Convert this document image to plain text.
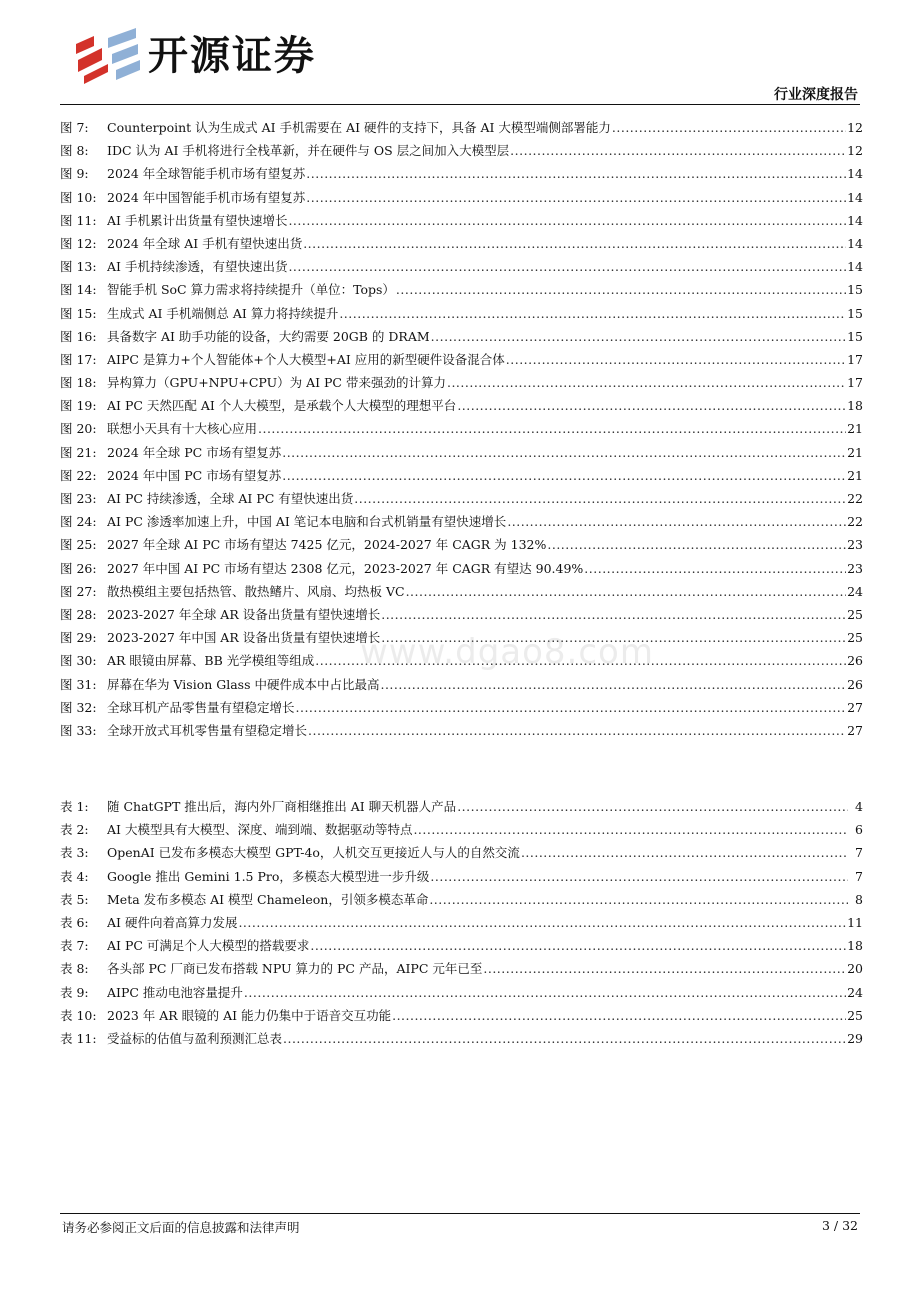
开源证券
行业深度报告
图 7:	Counterpoint 认为生成式 AI 手机需要在 AI 硬件的支持下，具备 AI 大模型端侧部署能力 .....	12
图 8:	IDC 认为 AI 手机将进行全栈革新，并在硬件与 OS 层之间加入大模型层 .....	12
图 9:	2024 年全球智能手机市场有望复苏 .....	14
图 10: 2024 年中国智能手机市场有望复苏 .....	14
图 11: AI 手机累计出货量有望快速增长 .....	14
图 12: 2024 年全球 AI 手机有望快速出货 .....	14
图 13: AI 手机持续渗透，有望快速出货 .....	14
图 14: 智能手机 SoC 算力需求将持续提升（单位：Tops） .....	15
图 15: 生成式 AI 手机端侧总 AI 算力将持续提升 .....	15
图 16: 具备数字 AI 助手功能的设备，大约需要 20GB 的 DRAM .....	15
图 17: AIPC 是算力+个人智能体+个人大模型+AI 应用的新型硬件设备混合体 .....	17
图 18: 异构算力（GPU+NPU+CPU）为 AI PC 带来强劲的计算力 .....	17
图 19: AI PC 天然匹配 AI 个人大模型，是承载个人大模型的理想平台 .....	18
图 20: 联想小天具有十大核心应用 .....	21
图 21: 2024 年全球 PC 市场有望复苏 .....	21
图 22: 2024 年中国 PC 市场有望复苏 .....	21
图 23: AI PC 持续渗透，全球 AI PC 有望快速出货 .....	22
图 24: AI PC 渗透率加速上升，中国 AI 笔记本电脑和台式机销量有望快速增长 .....	22
图 25: 2027 年全球 AI PC 市场有望达 7425 亿元，2024-2027 年 CAGR 为 132% .....	23
图 26: 2027 年中国 AI PC 市场有望达 2308 亿元，2023-2027 年 CAGR 有望达 90.49% .....	23
图 27: 散热模组主要包括热管、散热鳍片、风扇、均热板 VC .....	24
图 28: 2023-2027 年全球 AR 设备出货量有望快速增长 .....	25
图 29: 2023-2027 年中国 AR 设备出货量有望快速增长 .....	25
图 30: AR 眼镜由屏幕、BB 光学模组等组成 .....	26
图 31: 屏幕在华为 Vision Glass 中硬件成本中占比最高 .....	26
图 32: 全球耳机产品零售量有望稳定增长 .....	27
图 33: 全球开放式耳机零售量有望稳定增长 .....	27
表 1:	随 ChatGPT 推出后，海内外厂商相继推出 AI 聊天机器人产品 .....	4
表 2:	AI 大模型具有大模型、深度、端到端、数据驱动等特点 .....	6
表 3:	OpenAI 已发布多模态大模型 GPT-4o，人机交互更接近人与人的自然交流 .....	7
表 4:	Google 推出 Gemini 1.5 Pro，多模态大模型进一步升级 .....	7
表 5:	Meta 发布多模态 AI 模型 Chameleon，引领多模态革命 .....	8
表 6:	AI 硬件向着高算力发展 .....	11
表 7:	AI PC 可满足个人大模型的搭载要求 .....	18
表 8:	各头部 PC 厂商已发布搭载 NPU 算力的 PC 产品，AIPC 元年已至 .....	20
表 9:	AIPC 推动电池容量提升 .....	24
表 10: 2023 年 AR 眼镜的 AI 能力仍集中于语音交互功能 .....	25
表 11: 受益标的估值与盈利预测汇总表 .....	29
www.dgao8.com
请务必参阅正文后面的信息披露和法律声明	3 / 32
